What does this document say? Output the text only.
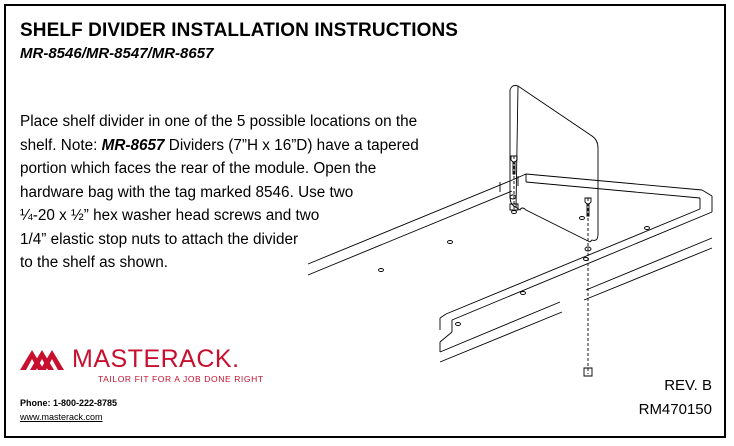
SHELF DIVIDER INSTALLATION INSTRUCTIONS
MR-8546/MR-8547/MR-8657
Place shelf divider in one of the 5 possible locations on the
shelf. Note: MR-8657 Dividers (7”H x 16”D) have a tapered
portion which faces the rear of the module. Open the
hardware bag with the tag marked 8546. Use two
¼-20 x ½” hex washer head screws and two
1/4” elastic stop nuts to attach the divider
to the shelf as shown.
MASTERACK.
TAILOR FIT FOR A JOB DONE RIGHT
Phone: 1-800-222-8785
www.masterack.com
REV. B
RM470150
